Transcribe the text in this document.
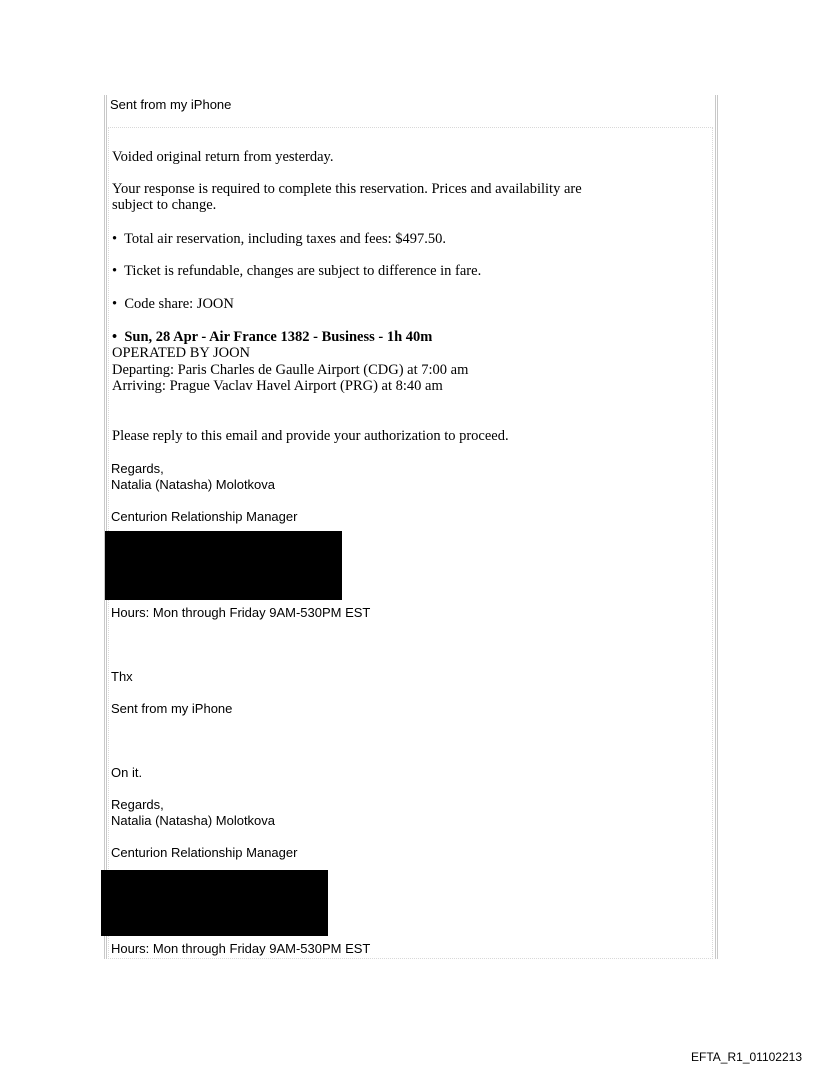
Sent from my iPhone

Voided original return from yesterday.

Your response is required to complete this reservation. Prices and availability are

subject to change.

• Total air reservation, including taxes and fees: $497.50.

• Ticket is refundable, changes are subject to difference in fare.

• Code share: JOON

• Sun, 28 Apr - Air France 1382 - Business - 1h 40m

OPERATED BY JOON

Departing: Paris Charles de Gaulle Airport (CDG) at 7:00 am

Arriving: Prague Vaclav Havel Airport (PRG) at 8:40 am

Please reply to this email and provide your authorization to proceed.

Regards,

Natalia (Natasha) Molotkova

Centurion Relationship Manager

Hours: Mon through Friday 9AM-530PM EST

Thx

Sent from my iPhone

On it.

Regards,

Natalia (Natasha) Molotkova

Centurion Relationship Manager

Hours: Mon through Friday 9AM-530PM EST

EFTA_R1_01102213
